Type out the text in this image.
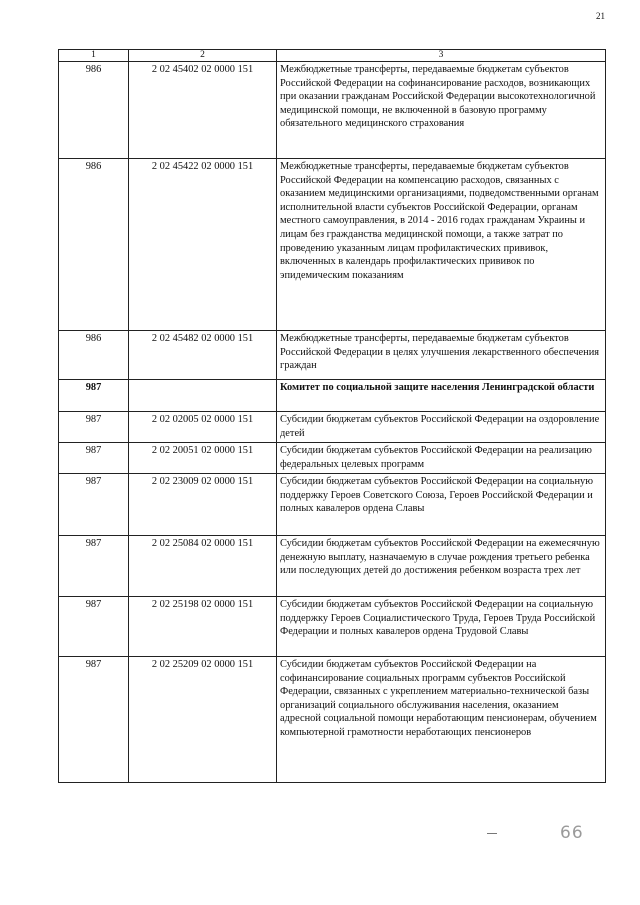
21
1	2	3
986	2 02 45402 02 0000 151	Межбюджетные трансферты, передаваемые бюджетам субъектов Российской Федерации на софинансирование расходов, возникающих при оказании гражданам Российской Федерации высокотехнологичной медицинской помощи, не включенной в базовую программу обязательного медицинского страхования
986	2 02 45422 02 0000 151	Межбюджетные трансферты, передаваемые бюджетам субъектов Российской Федерации на компенсацию расходов, связанных с оказанием медицинскими организациями, подведомственными органам исполнительной власти субъектов Российской Федерации, органам местного самоуправления, в 2014 - 2016 годах гражданам Украины и лицам без гражданства медицинской помощи, а также затрат по проведению указанным лицам профилактических прививок, включенных в календарь профилактических прививок по эпидемическим показаниям
986	2 02 45482 02 0000 151	Межбюджетные трансферты, передаваемые бюджетам субъектов Российской Федерации в целях улучшения лекарственного обеспечения граждан
987		Комитет по социальной защите населения Ленинградской области
987	2 02 02005 02 0000 151	Субсидии бюджетам субъектов Российской Федерации на оздоровление детей
987	2 02 20051 02 0000 151	Субсидии бюджетам субъектов Российской Федерации на реализацию федеральных целевых программ
987	2 02 23009 02 0000 151	Субсидии бюджетам субъектов Российской Федерации на социальную поддержку Героев Советского Союза, Героев Российской Федерации и полных кавалеров ордена Славы
987	2 02 25084 02 0000 151	Субсидии бюджетам субъектов Российской Федерации на ежемесячную денежную выплату, назначаемую в случае рождения третьего ребенка или последующих детей до достижения ребенком возраста трех лет
987	2 02 25198 02 0000 151	Субсидии бюджетам субъектов Российской Федерации на социальную поддержку Героев Социалистического Труда, Героев Труда Российской Федерации и полных кавалеров ордена Трудовой Славы
987	2 02 25209 02 0000 151	Субсидии бюджетам субъектов Российской Федерации на софинансирование социальных программ субъектов Российской Федерации, связанных с укреплением материально-технической базы организаций социального обслуживания населения, оказанием адресной социальной помощи неработающим пенсионерам, обучением компьютерной грамотности неработающих пенсионеров
66
